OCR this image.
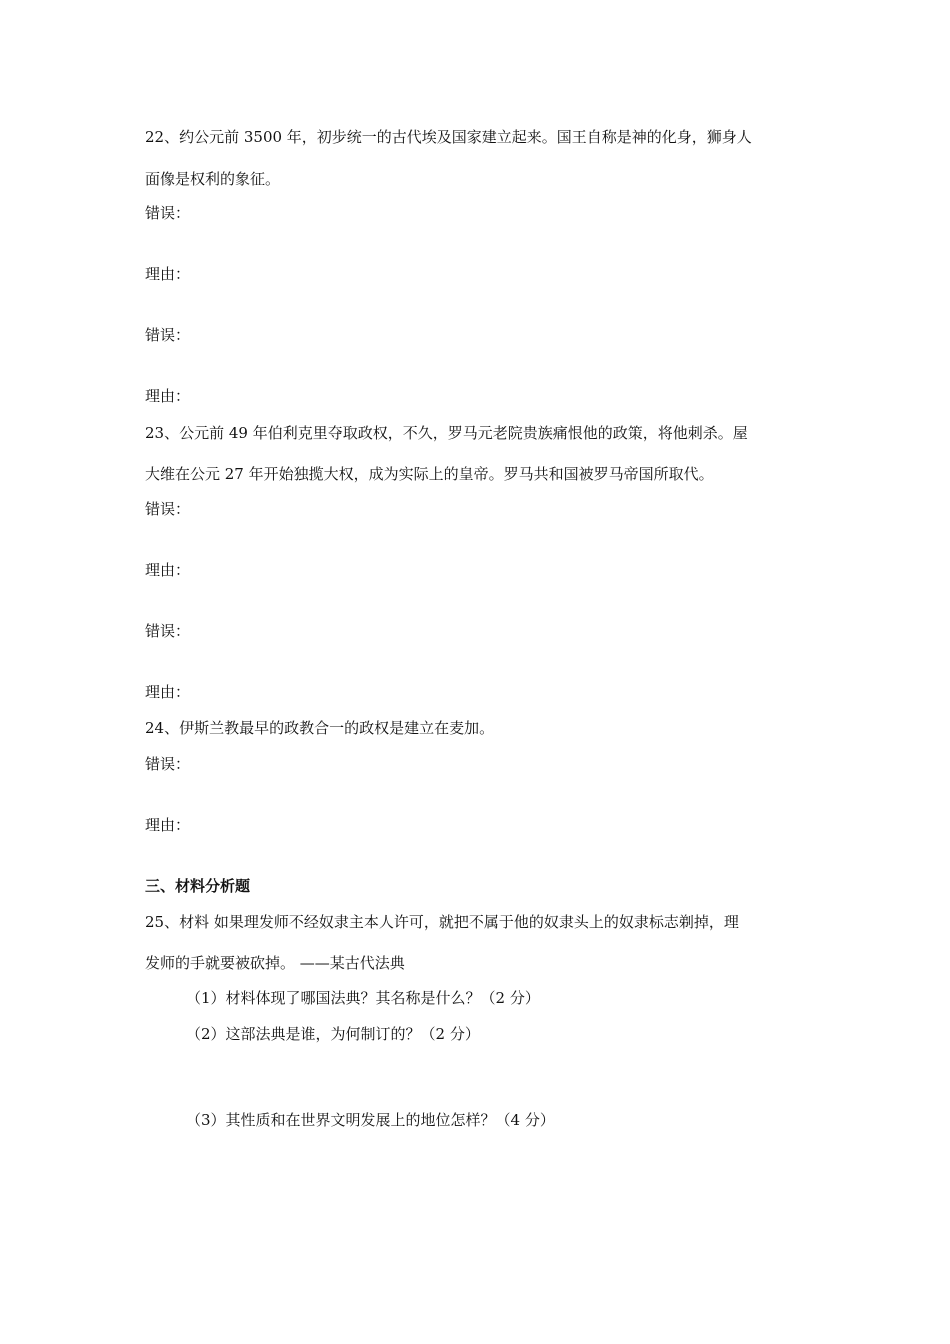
22、约公元前 3500 年，初步统一的古代埃及国家建立起来。国王自称是神的化身，狮身人

面像是权利的象征。

错误：

理由：

错误：

理由：

23、公元前 49 年伯利克里夺取政权，不久，罗马元老院贵族痛恨他的政策，将他刺杀。屋

大维在公元 27 年开始独揽大权，成为实际上的皇帝。罗马共和国被罗马帝国所取代。

错误：

理由：

错误：

理由：

24、伊斯兰教最早的政教合一的政权是建立在麦加。

错误：

理由：

三、材料分析题

25、材料 如果理发师不经奴隶主本人许可，就把不属于他的奴隶头上的奴隶标志剃掉，理

发师的手就要被砍掉。 ——某古代法典

（1）材料体现了哪国法典？其名称是什么？（2 分）

（2）这部法典是谁，为何制订的？（2 分）

（3）其性质和在世界文明发展上的地位怎样？（4 分）
